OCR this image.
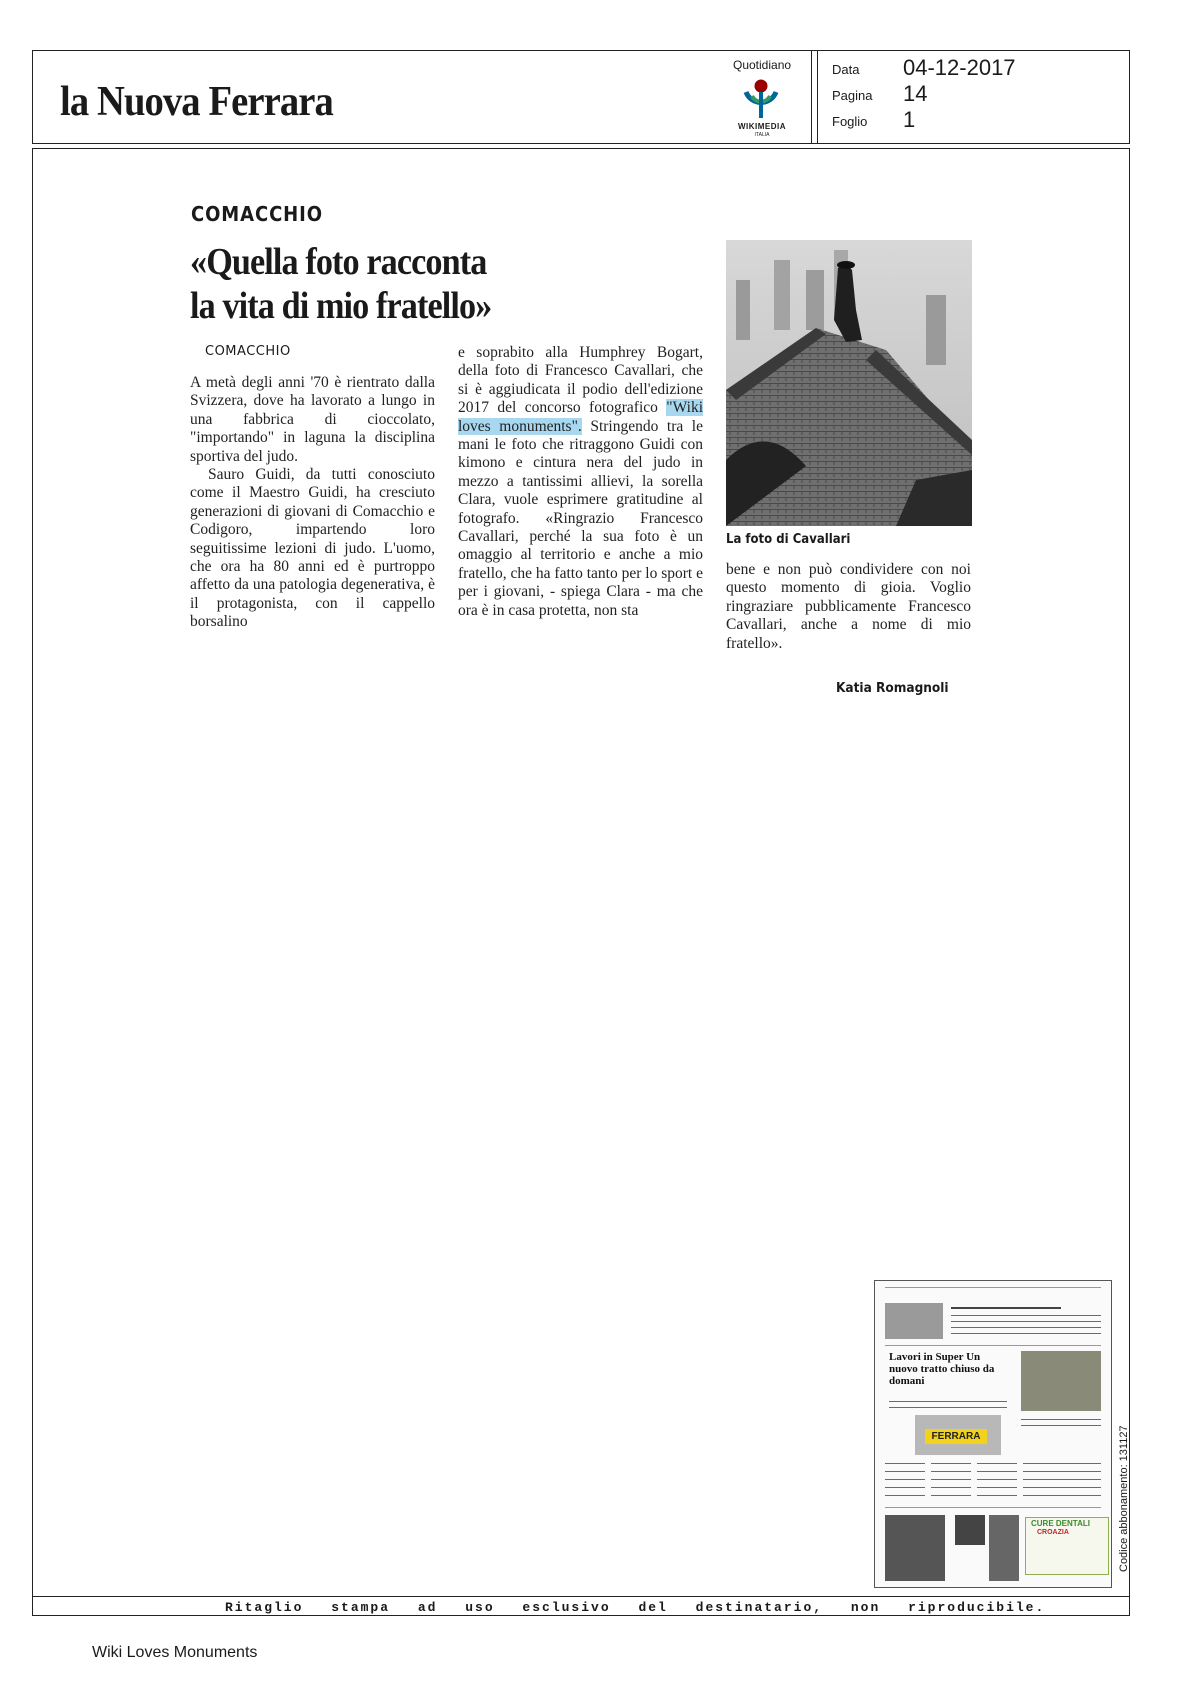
la Nuova Ferrara
Quotidiano
WIKIMEDIA
ITALIA
Data 04-12-2017
Pagina 14
Foglio 1
Ritaglio stampa ad uso esclusivo del destinatario, non riproducibile.
COMACCHIO
«Quella foto racconta
la vita di mio fratello»
COMACCHIO

A metà degli anni '70 è rientrato dalla Svizzera, dove ha lavorato a lungo in una fabbrica di cioccolato, "importando" in laguna la disciplina sportiva del judo.

Sauro Guidi, da tutti conosciuto come il Maestro Guidi, ha cresciuto generazioni di giovani di Comacchio e Codigoro, impartendo loro seguitissime lezioni di judo. L'uomo, che ora ha 80 anni ed è purtroppo affetto da una patologia degenerativa, è il protagonista, con il cappello borsalino

e soprabito alla Humphrey Bogart, della foto di Francesco Cavallari, che si è aggiudicata il podio dell'edizione 2017 del concorso fotografico "Wiki loves monuments". Stringendo tra le mani le foto che ritraggono Guidi con kimono e cintura nera del judo in mezzo a tantissimi allievi, la sorella Clara, vuole esprimere gratitudine al fotografo. «Ringrazio Francesco Cavallari, perché la sua foto è un omaggio al territorio e anche a mio fratello, che ha fatto tanto per lo sport e per i giovani, - spiega Clara - ma che ora è in casa protetta, non sta

La foto di Cavallari

bene e non può condividere con noi questo momento di gioia. Voglio ringraziare pubblicamente Francesco Cavallari, anche a nome di mio fratello».

Katia Romagnoli
Lavori in Super Un nuovo tratto chiuso da domani
FERRARA
CURE DENTALI
CROAZIA	Codice abbonamento: 131127
Wiki Loves Monuments
